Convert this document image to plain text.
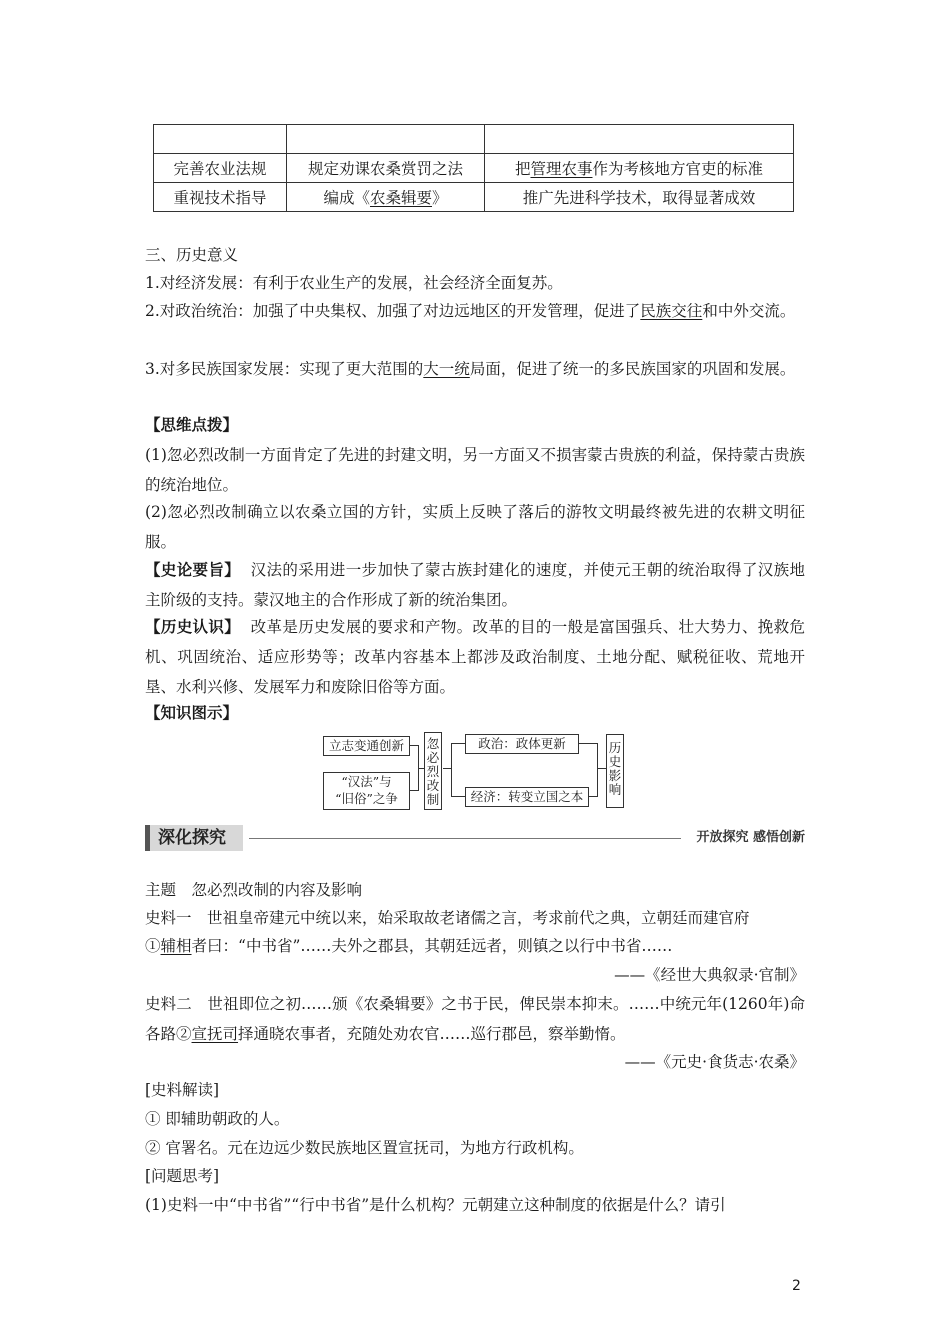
完善农业法规	规定劝课农桑赏罚之法	把管理农事作为考核地方官吏的标准
重视技术指导	编成《农桑辑要》	推广先进科学技术，取得显著成效
三、历史意义
1.对经济发展：有利于农业生产的发展，社会经济全面复苏。
2.对政治统治：加强了中央集权、加强了对边远地区的开发管理，促进了民族交往和中外交流。
3.对多民族国家发展：实现了更大范围的大一统局面，促进了统一的多民族国家的巩固和发展。
【思维点拨】
(1)忽必烈改制一方面肯定了先进的封建文明，另一方面又不损害蒙古贵族的利益，保持蒙古贵族的统治地位。
(2)忽必烈改制确立以农桑立国的方针，实质上反映了落后的游牧文明最终被先进的农耕文明征服。
【史论要旨】 汉法的采用进一步加快了蒙古族封建化的速度，并使元王朝的统治取得了汉族地主阶级的支持。蒙汉地主的合作形成了新的统治集团。
【历史认识】 改革是历史发展的要求和产物。改革的目的一般是富国强兵、壮大势力、挽救危机、巩固统治、适应形势等；改革内容基本上都涉及政治制度、土地分配、赋税征收、荒地开垦、水利兴修、发展军力和废除旧俗等方面。
【知识图示】
立志变通创新
“汉法”与
“旧俗”之争
忽必烈改制
政治：政体更新
经济：转变立国之本
历史影响
深化探究	开放探究 感悟创新
主题　忽必烈改制的内容及影响
史料一　世祖皇帝建元中统以来，始采取故老诸儒之言，考求前代之典，立朝廷而建官府
①辅相者曰：“中书省”……夫外之郡县，其朝廷远者，则镇之以行中书省……
——《经世大典叙录·官制》
史料二　世祖即位之初……颁《农桑辑要》之书于民，俾民崇本抑末。……中统元年(1260年)命各路②宣抚司择通晓农事者，充随处劝农官……巡行郡邑，察举勤惰。
——《元史·食货志·农桑》
[史料解读]
① 即辅助朝政的人。
② 官署名。元在边远少数民族地区置宣抚司，为地方行政机构。
[问题思考]
(1)史料一中“中书省”“行中书省”是什么机构？元朝建立这种制度的依据是什么？请引
2
